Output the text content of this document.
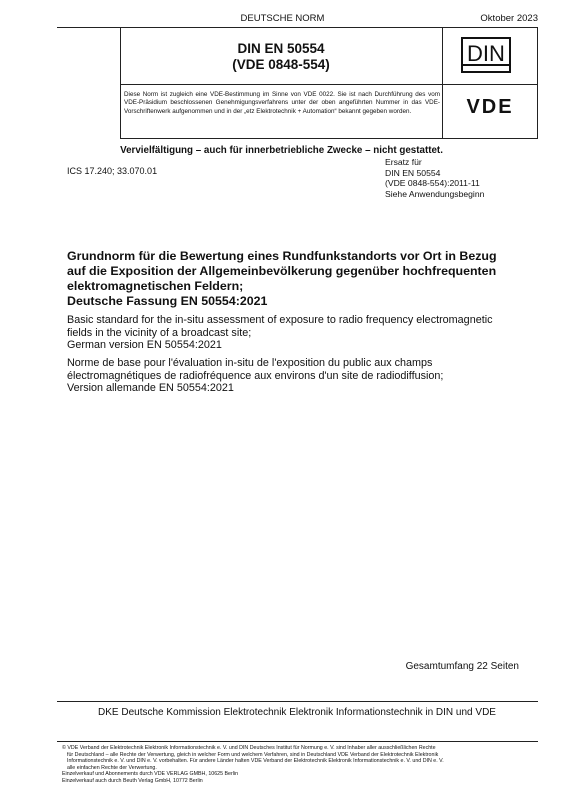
DEUTSCHE NORM	Oktober 2023
DIN EN 50554
(VDE 0848-554)	DIN
Diese Norm ist zugleich eine VDE-Bestimmung im Sinne von VDE 0022. Sie ist nach Durchführung des vom VDE-Präsidium beschlossenen Genehmigungsverfahrens unter der oben angeführten Nummer in das VDE-Vorschriftenwerk aufgenommen und in der „etz Elektrotechnik + Automation“ bekannt gegeben worden.	VDE
Vervielfältigung – auch für innerbetriebliche Zwecke – nicht gestattet.
ICS 17.240; 33.070.01
Ersatz für
DIN EN 50554
(VDE 0848-554):2011-11
Siehe Anwendungsbeginn
Grundnorm für die Bewertung eines Rundfunkstandorts vor Ort in Bezug
auf die Exposition der Allgemeinbevölkerung gegenüber hochfrequenten
elektromagnetischen Feldern;
Deutsche Fassung EN 50554:2021
Basic standard for the in-situ assessment of exposure to radio frequency electromagnetic
fields in the vicinity of a broadcast site;
German version EN 50554:2021
Norme de base pour l'évaluation in-situ de l'exposition du public aux champs
électromagnétiques de radiofréquence aux environs d'un site de radiodiffusion;
Version allemande EN 50554:2021
Gesamtumfang 22 Seiten
DKE Deutsche Kommission Elektrotechnik Elektronik Informationstechnik in DIN und VDE

© VDE Verband der Elektrotechnik Elektronik Informationstechnik e. V. und DIN Deutsches Institut für Normung e. V. sind Inhaber aller ausschließlichen Rechte

für Deutschland – alle Rechte der Verwertung, gleich in welcher Form und welchem Verfahren, sind in Deutschland VDE Verband der Elektrotechnik Elektronik

Informationstechnik e. V. und DIN e. V. vorbehalten. Für andere Länder halten VDE Verband der Elektrotechnik Elektronik Informationstechnik e. V. und DIN e. V.

alle einfachen Rechte der Verwertung.

Einzelverkauf und Abonnements durch VDE VERLAG GMBH, 10625 Berlin

Einzelverkauf auch durch Beuth Verlag GmbH, 10772 Berlin
